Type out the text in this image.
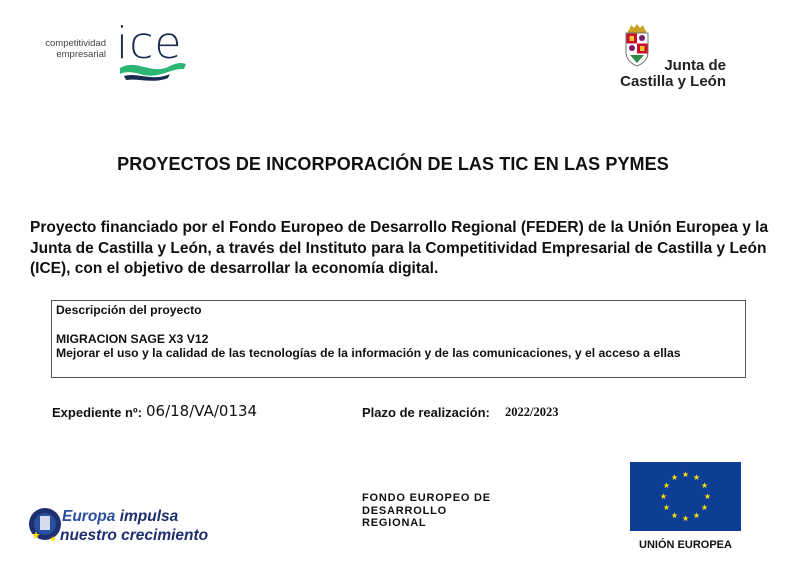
competitividad
empresarial ice	Junta de
Castilla y León
PROYECTOS DE INCORPORACIÓN DE LAS TIC EN LAS PYMES
Proyecto financiado por el Fondo Europeo de Desarrollo Regional (FEDER) de la Unión Europea y la Junta de Castilla y León, a través del Instituto para la Competitividad Empresarial de Castilla y León (ICE), con el objetivo de desarrollar la economía digital.
Descripción del proyecto
MIGRACION SAGE X3 V12
Mejorar el uso y la calidad de las tecnologías de la información y de las comunicaciones, y el acceso a ellas
Expediente nº: 06/18/VA/0134	Plazo de realización: 2022/2023
Europa impulsa
nuestro crecimiento
FONDO EUROPEO DE
DESARROLLO
REGIONAL
UNIÓN EUROPEA
